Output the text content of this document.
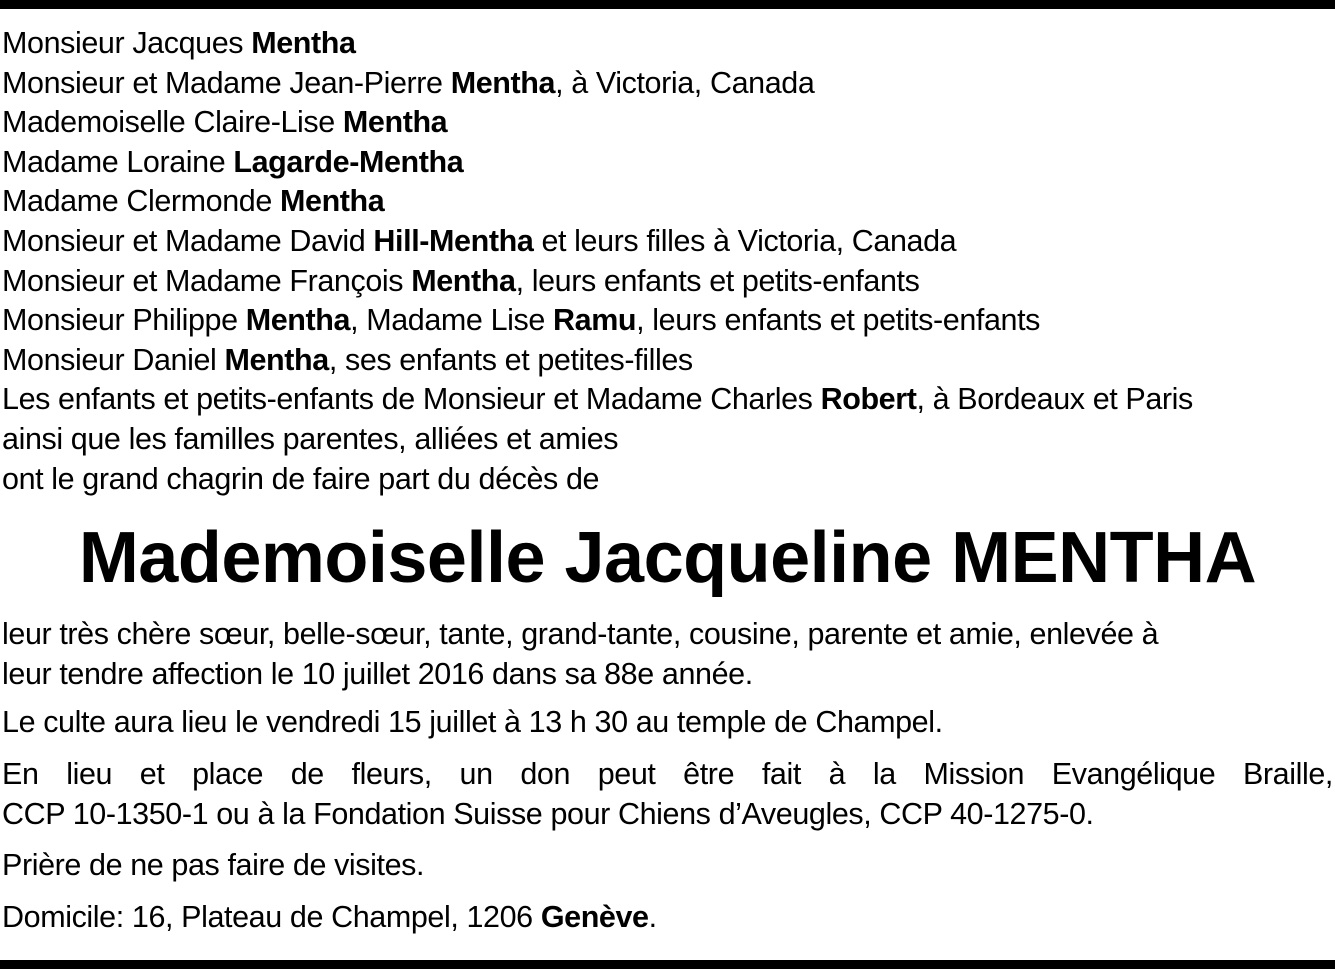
Monsieur Jacques Mentha
Monsieur et Madame Jean-Pierre Mentha, à Victoria, Canada
Mademoiselle Claire-Lise Mentha
Madame Loraine Lagarde-Mentha
Madame Clermonde Mentha
Monsieur et Madame David Hill-Mentha et leurs filles à Victoria, Canada
Monsieur et Madame François Mentha, leurs enfants et petits-enfants
Monsieur Philippe Mentha, Madame Lise Ramu, leurs enfants et petits-enfants
Monsieur Daniel Mentha, ses enfants et petites-filles
Les enfants et petits-enfants de Monsieur et Madame Charles Robert, à Bordeaux et Paris
ainsi que les familles parentes, alliées et amies
ont le grand chagrin de faire part du décès de
Mademoiselle Jacqueline MENTHA

leur très chère sœur, belle-sœur, tante, grand-tante, cousine, parente et amie, enlevée à
leur tendre affection le 10 juillet 2016 dans sa 88e année.

Le culte aura lieu le vendredi 15 juillet à 13 h 30 au temple de Champel.

En lieu et place de fleurs, un don peut être fait à la Mission Evangélique Braille,
CCP 10-1350-1 ou à la Fondation Suisse pour Chiens d’Aveugles, CCP 40-1275-0.

Prière de ne pas faire de visites.

Domicile: 16, Plateau de Champel, 1206 Genève.
